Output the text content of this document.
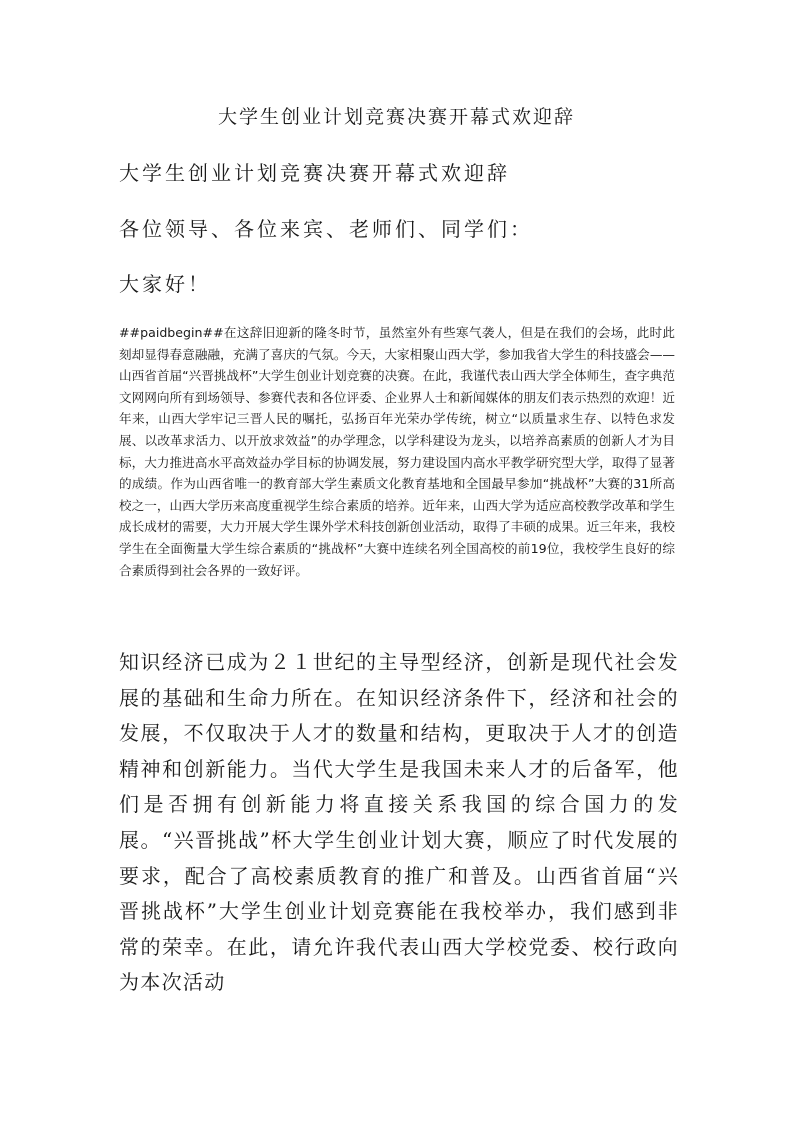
大学生创业计划竞赛决赛开幕式欢迎辞
大学生创业计划竞赛决赛开幕式欢迎辞

各位领导、各位来宾、老师们、同学们：

大家好！

##paidbegin##在这辞旧迎新的隆冬时节，虽然室外有些寒气袭人，但是在我们的会场，此时此刻却显得春意融融，充满了喜庆的气氛。今天，大家相聚山西大学，参加我省大学生的科技盛会——山西省首届“兴晋挑战杯”大学生创业计划竞赛的决赛。在此，我谨代表山西大学全体师生，查字典范文网网向所有到场领导、参赛代表和各位评委、企业界人士和新闻媒体的朋友们表示热烈的欢迎！近年来，山西大学牢记三晋人民的嘱托，弘扬百年光荣办学传统，树立“以质量求生存、以特色求发展、以改革求活力、以开放求效益”的办学理念，以学科建设为龙头，以培养高素质的创新人才为目标，大力推进高水平高效益办学目标的协调发展，努力建设国内高水平教学研究型大学，取得了显著的成绩。作为山西省唯一的教育部大学生素质文化教育基地和全国最早参加“挑战杯”大赛的31所高校之一，山西大学历来高度重视学生综合素质的培养。近年来，山西大学为适应高校教学改革和学生成长成材的需要，大力开展大学生课外学术科技创新创业活动，取得了丰硕的成果。近三年来，我校学生在全面衡量大学生综合素质的“挑战杯”大赛中连续名列全国高校的前19位，我校学生良好的综合素质得到社会各界的一致好评。

知识经济已成为２１世纪的主导型经济，创新是现代社会发展的基础和生命力所在。在知识经济条件下，经济和社会的发展，不仅取决于人才的数量和结构，更取决于人才的创造精神和创新能力。当代大学生是我国未来人才的后备军，他们是否拥有创新能力将直接关系我国的综合国力的发展。“兴晋挑战”杯大学生创业计划大赛，顺应了时代发展的要求，配合了高校素质教育的推广和普及。山西省首届“兴晋挑战杯”大学生创业计划竞赛能在我校举办，我们感到非常的荣幸。在此，请允许我代表山西大学校党委、校行政向为本次活动
